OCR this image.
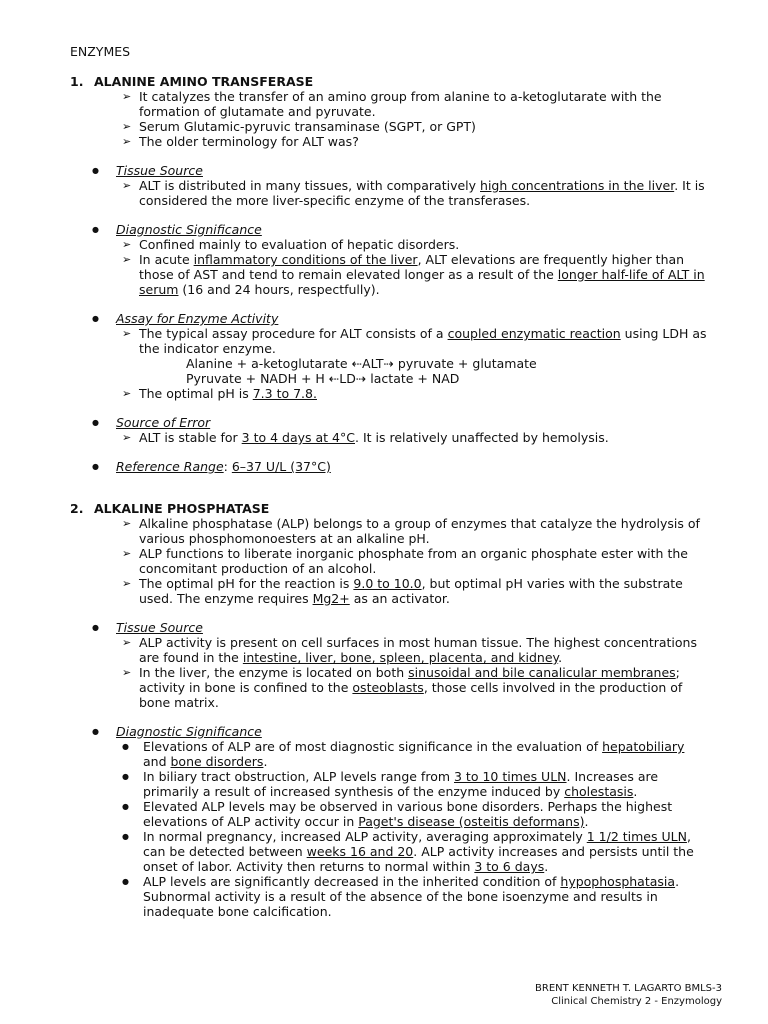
ENZYMES
1. ALANINE AMINO TRANSFERASE
➢ It catalyzes the transfer of an amino group from alanine to a-ketoglutarate with the formation of glutamate and pyruvate.
➢ Serum Glutamic-pyruvic transaminase (SGPT, or GPT)
➢ The older terminology for ALT was?
● Tissue Source
➢ ALT is distributed in many tissues, with comparatively high concentrations in the liver. It is considered the more liver-specific enzyme of the transferases.
● Diagnostic Significance
➢ Confined mainly to evaluation of hepatic disorders.
➢ In acute inflammatory conditions of the liver, ALT elevations are frequently higher than those of AST and tend to remain elevated longer as a result of the longer half-life of ALT in serum (16 and 24 hours, respectfully).
● Assay for Enzyme Activity
➢ The typical assay procedure for ALT consists of a coupled enzymatic reaction using LDH as the indicator enzyme.
Alanine + a-ketoglutarate ⇠ALT⇢ pyruvate + glutamate
Pyruvate + NADH + H ⇠LD⇢ lactate + NAD
➢ The optimal pH is 7.3 to 7.8.
● Source of Error
➢ ALT is stable for 3 to 4 days at 4°C. It is relatively unaffected by hemolysis.
● Reference Range: 6–37 U/L (37°C)
2. ALKALINE PHOSPHATASE
➢ Alkaline phosphatase (ALP) belongs to a group of enzymes that catalyze the hydrolysis of various phosphomonoesters at an alkaline pH.
➢ ALP functions to liberate inorganic phosphate from an organic phosphate ester with the concomitant production of an alcohol.
➢ The optimal pH for the reaction is 9.0 to 10.0, but optimal pH varies with the substrate used. The enzyme requires Mg2+ as an activator.
● Tissue Source
➢ ALP activity is present on cell surfaces in most human tissue. The highest concentrations are found in the intestine, liver, bone, spleen, placenta, and kidney.
➢ In the liver, the enzyme is located on both sinusoidal and bile canalicular membranes; activity in bone is confined to the osteoblasts, those cells involved in the production of bone matrix.
● Diagnostic Significance
● Elevations of ALP are of most diagnostic significance in the evaluation of hepatobiliary and bone disorders.
● In biliary tract obstruction, ALP levels range from 3 to 10 times ULN. Increases are primarily a result of increased synthesis of the enzyme induced by cholestasis.
● Elevated ALP levels may be observed in various bone disorders. Perhaps the highest elevations of ALP activity occur in Paget's disease (osteitis deformans).
● In normal pregnancy, increased ALP activity, averaging approximately 1 1/2 times ULN, can be detected between weeks 16 and 20. ALP activity increases and persists until the onset of labor. Activity then returns to normal within 3 to 6 days.
● ALP levels are significantly decreased in the inherited condition of hypophosphatasia. Subnormal activity is a result of the absence of the bone isoenzyme and results in inadequate bone calcification.
BRENT KENNETH T. LAGARTO BMLS-3
Clinical Chemistry 2 - Enzymology
